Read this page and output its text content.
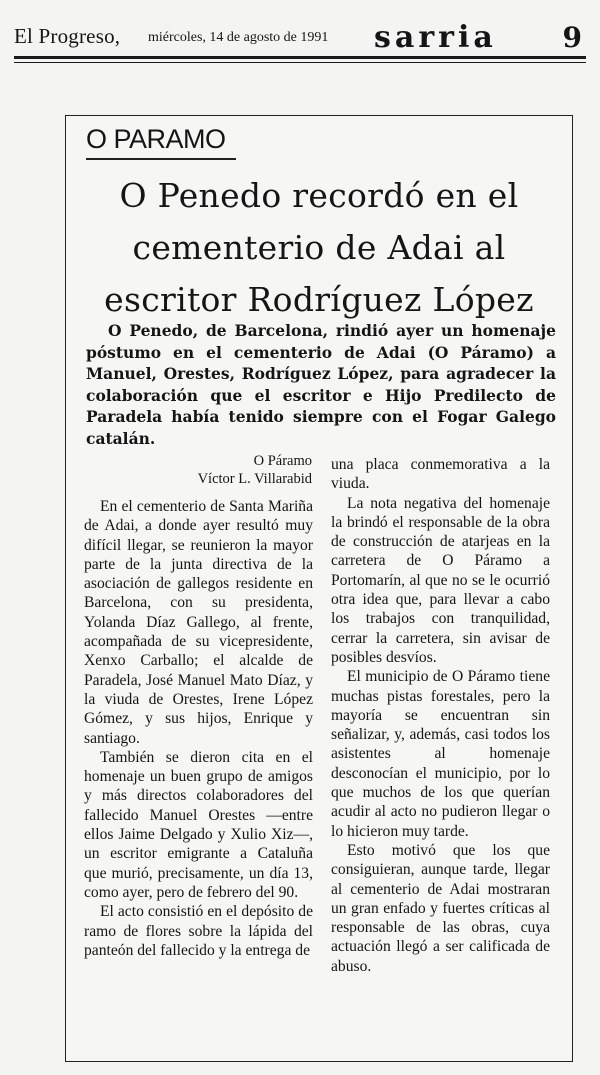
El Progreso, miércoles, 14 de agosto de 1991 sarria 9
O PARAMO
O Penedo recordó en el cementerio de Adai al escritor Rodríguez López
O Penedo, de Barcelona, rindió ayer un homenaje póstumo en el cementerio de Adai (O Páramo) a Manuel, Orestes, Rodríguez López, para agradecer la colaboración que el escritor e Hijo Predilecto de Paradela había tenido siempre con el Fogar Galego catalán.
O Páramo
Víctor L. Villarabid

En el cementerio de Santa Mariña de Adai, a donde ayer resultó muy difícil llegar, se reunieron la mayor parte de la junta directiva de la asociación de gallegos residente en Barcelona, con su presidenta, Yolanda Díaz Gallego, al frente, acompañada de su vicepresidente, Xenxo Carballo; el alcalde de Paradela, José Manuel Mato Díaz, y la viuda de Orestes, Irene López Gómez, y sus hijos, Enrique y santiago.

También se dieron cita en el homenaje un buen grupo de amigos y más directos colaboradores del fallecido Manuel Orestes —entre ellos Jaime Delgado y Xulio Xiz—, un escritor emigrante a Cataluña que murió, precisamente, un día 13, como ayer, pero de febrero del 90.

El acto consistió en el depósito de ramo de flores sobre la lápida del panteón del fallecido y la entrega de

una placa conmemorativa a la viuda.

La nota negativa del homenaje la brindó el responsable de la obra de construcción de atarjeas en la carretera de O Páramo a Portomarín, al que no se le ocurrió otra idea que, para llevar a cabo los trabajos con tranquilidad, cerrar la carretera, sin avisar de posibles desvíos.

El municipio de O Páramo tiene muchas pistas forestales, pero la mayoría se encuentran sin señalizar, y, además, casi todos los asistentes al homenaje desconocían el municipio, por lo que muchos de los que querían acudir al acto no pudieron llegar o lo hicieron muy tarde.

Esto motivó que los que consiguieran, aunque tarde, llegar al cementerio de Adai mostraran un gran enfado y fuertes críticas al responsable de las obras, cuya actuación llegó a ser calificada de abuso.
